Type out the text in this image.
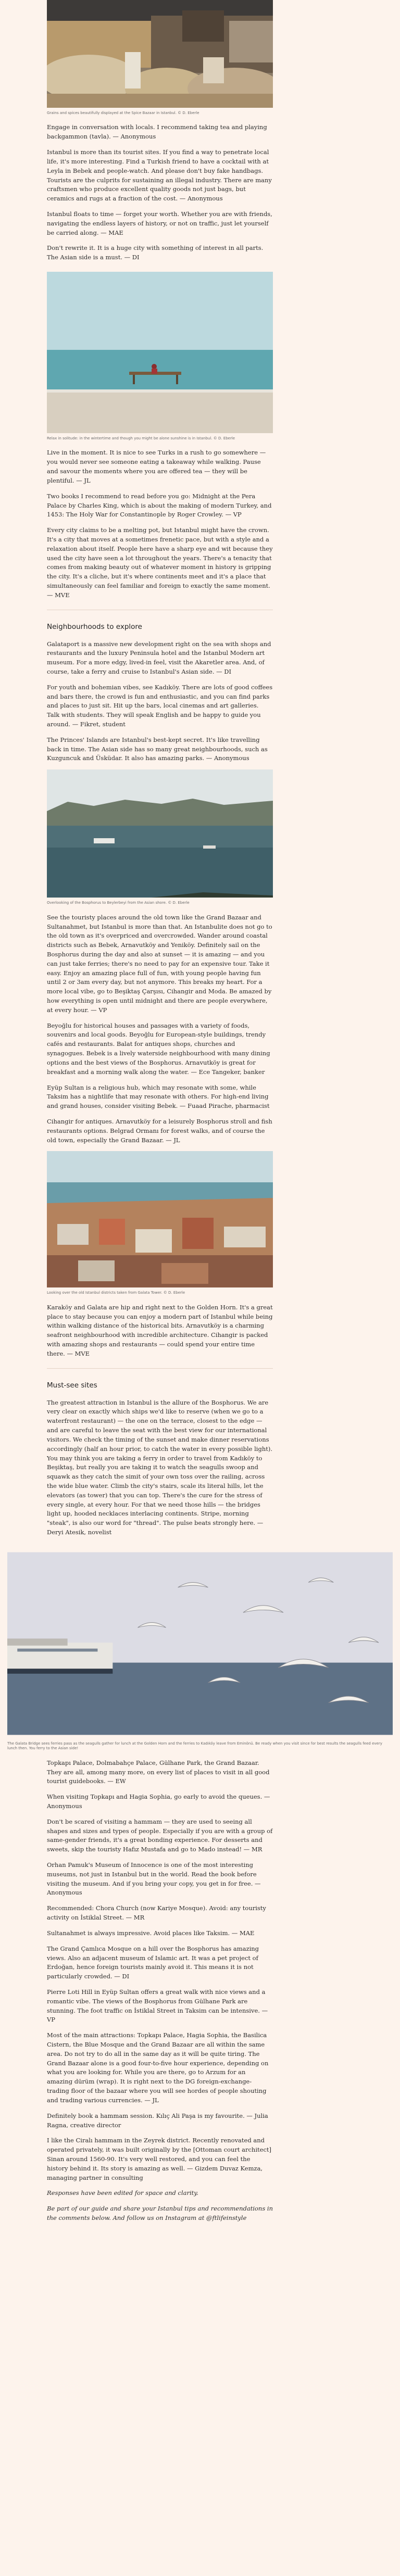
Grains and spices beautifully displayed at the Spice Bazaar in Istanbul. © D. Eberle

Engage in conversation with locals. I recommend taking tea and playing backgammon (tavla). — Anonymous

Istanbul is more than its tourist sites. If you find a way to penetrate local life, it's more interesting. Find a Turkish friend to have a cocktail with at Leyla in Bebek and people-watch. And please don't buy fake handbags. Tourists are the culprits for sustaining an illegal industry. There are many craftsmen who produce excellent quality goods not just bags, but ceramics and rugs at a fraction of the cost. — Anonymous

Istanbul floats to time — forget your worth. Whether you are with friends, navigating the endless layers of history, or not on traffic, just let yourself be carried along. — MAE

Don't rewrite it. It is a huge city with something of interest in all parts. The Asian side is a must. — DI

Relax in solitude: in the wintertime and though you might be alone sunshine is in Istanbul. © D. Eberle

Live in the moment. It is nice to see Turks in a rush to go somewhere — you would never see someone eating a takeaway while walking. Pause and savour the moments where you are offered tea — they will be plentiful. — JL

Two books I recommend to read before you go: Midnight at the Pera Palace by Charles King, which is about the making of modern Turkey, and 1453: The Holy War for Constantinople by Roger Crowley. — VP

Every city claims to be a melting pot, but Istanbul might have the crown. It's a city that moves at a sometimes frenetic pace, but with a style and a relaxation about itself. People here have a sharp eye and wit because they used the city have seen a lot throughout the years. There's a tenacity that comes from making beauty out of whatever moment in history is gripping the city. It's a cliche, but it's where continents meet and it's a place that simultaneously can feel familiar and foreign to exactly the same moment. — MVE

Neighbourhoods to explore

Galataport is a massive new development right on the sea with shops and restaurants and the luxury Peninsula hotel and the Istanbul Modern art museum. For a more edgy, lived-in feel, visit the Akaretler area. And, of course, take a ferry and cruise to Istanbul's Asian side. — DI

For youth and bohemian vibes, see Kadıköy. There are lots of good coffees and bars there, the crowd is fun and enthusiastic, and you can find parks and places to just sit. Hit up the bars, local cinemas and art galleries. Talk with students. They will speak English and be happy to guide you around. — Fikret, student

The Princes' Islands are Istanbul's best-kept secret. It's like travelling back in time. The Asian side has so many great neighbourhoods, such as Kuzguncuk and Üsküdar. It also has amazing parks. — Anonymous

Overlooking of the Bosphorus to Beylerbeyi from the Asian shore. © D. Eberle

See the touristy places around the old town like the Grand Bazaar and Sultanahmet, but Istanbul is more than that. An Istanbulite does not go to the old town as it's overpriced and overcrowded. Wander around coastal districts such as Bebek, Arnavutköy and Yeniköy. Definitely sail on the Bosphorus during the day and also at sunset — it is amazing — and you can just take ferries; there's no need to pay for an expensive tour. Take it easy. Enjoy an amazing place full of fun, with young people having fun until 2 or 3am every day, but not anymore. This breaks my heart. For a more local vibe, go to Beşiktaş Çarşısı, Cihangir and Moda. Be amazed by how everything is open until midnight and there are people everywhere, at every hour. — VP

Beyoğlu for historical houses and passages with a variety of foods, souvenirs and local goods. Beyoğlu for European-style buildings, trendy cafés and restaurants. Balat for antiques shops, churches and synagogues. Bebek is a lively waterside neighbourhood with many dining options and the best views of the Bosphorus. Arnavutköy is great for breakfast and a morning walk along the water. — Ece Tangeker, banker

Eyüp Sultan is a religious hub, which may resonate with some, while Taksim has a nightlife that may resonate with others. For high-end living and grand houses, consider visiting Bebek. — Fuaad Pirache, pharmacist

Cihangir for antiques. Arnavutköy for a leisurely Bosphorus stroll and fish restaurants options. Belgrad Ormanı for forest walks, and of course the old town, especially the Grand Bazaar. — JL

Looking over the old Istanbul districts taken from Galata Tower. © D. Eberle

Karaköy and Galata are hip and right next to the Golden Horn. It's a great place to stay because you can enjoy a modern part of Istanbul while being within walking distance of the historical bits. Arnavutköy is a charming seafront neighbourhood with incredible architecture. Cihangir is packed with amazing shops and restaurants — could spend your entire time there. — MVE

Must-see sites

The greatest attraction in Istanbul is the allure of the Bosphorus. We are very clear on exactly which ships we'd like to reserve (when we go to a waterfront restaurant) — the one on the terrace, closest to the edge — and are careful to leave the seat with the best view for our international visitors. We check the timing of the sunset and make dinner reservations accordingly (half an hour prior, to catch the water in every possible light). You may think you are taking a ferry in order to travel from Kadıköy to Beşiktaş, but really you are taking it to watch the seagulls swoop and squawk as they catch the simit of your own toss over the railing, across the wide blue water. Climb the city's stairs, scale its literal hills, let the elevators (as tower) that you can top. There's the cure for the stress of every single, at every hour. For that we need those hills — the bridges light up, hooded necklaces interlacing continents. Stripe, morning "steak", is also our word for "thread". The pulse beats strongly here. — Deryi Atesik, novelist

The Galata Bridge sees ferries pass as the seagulls gather for lunch at the Golden Horn and the ferries to Kadıköy leave from Eminönü. Be ready when you visit since for best results the seagulls feed every lunch then. You ferry to the Asian side!

Topkapı Palace, Dolmabahçe Palace, Gülhane Park, the Grand Bazaar. They are all, among many more, on every list of places to visit in all good tourist guidebooks. — EW

When visiting Topkapı and Hagia Sophia, go early to avoid the queues. — Anonymous

Don't be scared of visiting a hammam — they are used to seeing all shapes and sizes and types of people. Especially if you are with a group of same-gender friends, it's a great bonding experience. For desserts and sweets, skip the touristy Hafız Mustafa and go to Mado instead! — MR

Orhan Pamuk's Museum of Innocence is one of the most interesting museums, not just in Istanbul but in the world. Read the book before visiting the museum. And if you bring your copy, you get in for free. — Anonymous

Recommended: Chora Church (now Kariye Mosque). Avoid: any touristy activity on İstiklal Street. — MR

Sultanahmet is always impressive. Avoid places like Taksim. — MAE

The Grand Çamlıca Mosque on a hill over the Bosphorus has amazing views. Also an adjacent museum of Islamic art. It was a pet project of Erdoğan, hence foreign tourists mainly avoid it. This means it is not particularly crowded. — DI

Pierre Loti Hill in Eyüp Sultan offers a great walk with nice views and a romantic vibe. The views of the Bosphorus from Gülhane Park are stunning. The foot traffic on İstiklal Street in Taksim can be intensive. — VP

Most of the main attractions: Topkapı Palace, Hagia Sophia, the Basilica Cistern, the Blue Mosque and the Grand Bazaar are all within the same area. Do not try to do all in the same day as it will be quite tiring. The Grand Bazaar alone is a good four-to-five hour experience, depending on what you are looking for. While you are there, go to Arzum for an amazing dürüm (wrap). It is right next to the DG foreign-exchange-trading floor of the bazaar where you will see hordes of people shouting and trading various currencies. — JL

Definitely book a hammam session. Kılıç Ali Paşa is my favourite. — Julia Ragna, creative director

I like the Ciralı hammam in the Zeyrek district. Recently renovated and operated privately, it was built originally by the [Ottoman court architect] Sinan around 1560-90. It's very well restored, and you can feel the history behind it. Its story is amazing as well. — Gizdem Duvaz Kemza, managing partner in consulting

Responses have been edited for space and clarity.

Be part of our guide and share your Istanbul tips and recommendations in the comments below. And follow us on Instagram at @ftlifeinstyle
